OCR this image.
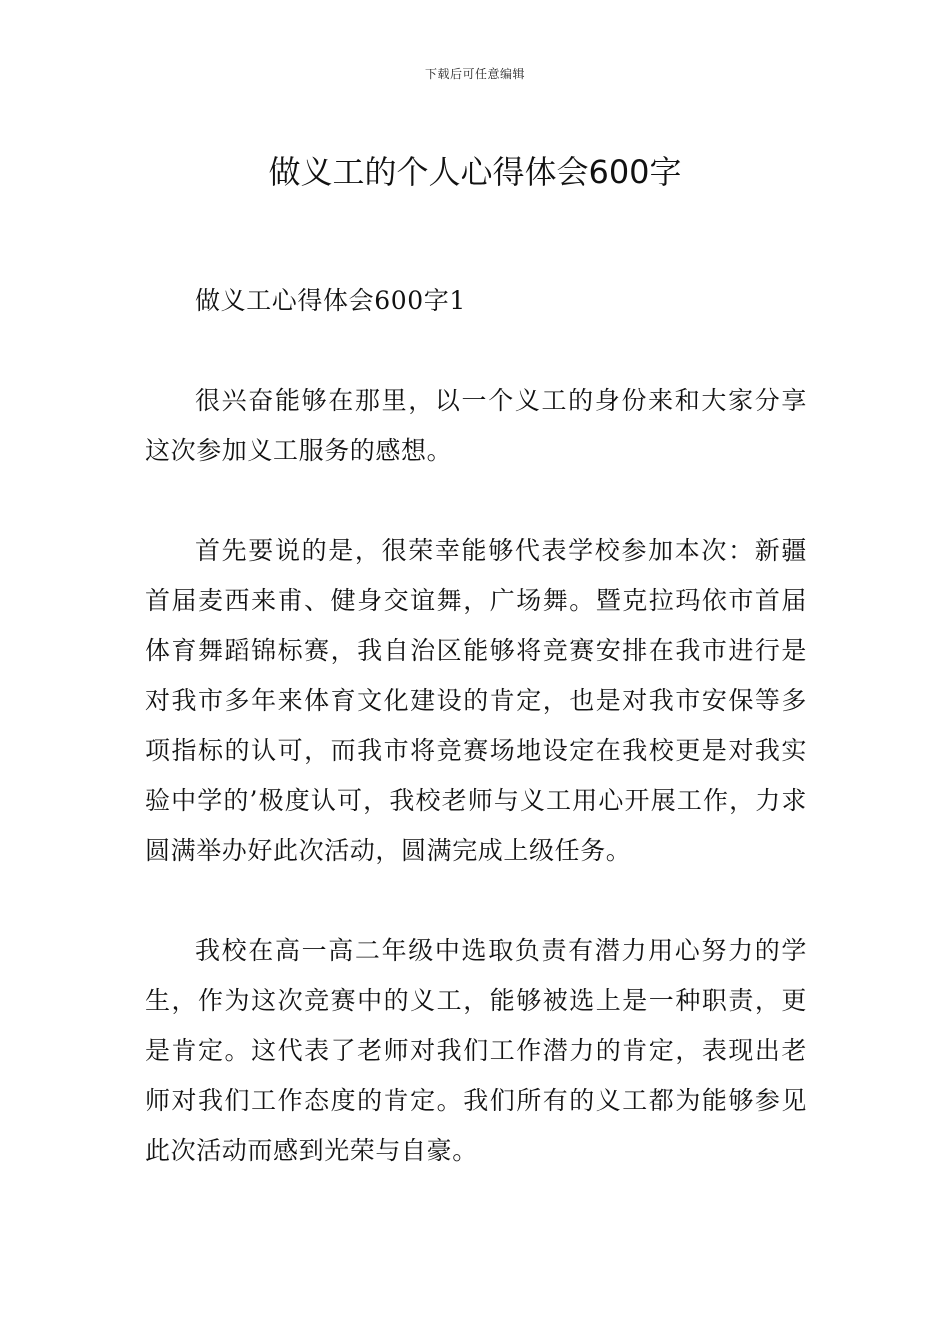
下载后可任意编辑
做义工的个人心得体会600字

做义工心得体会600字1

很兴奋能够在那里，以一个义工的身份来和大家分享这次参加义工服务的感想。

首先要说的是，很荣幸能够代表学校参加本次：新疆首届麦西来甫、健身交谊舞，广场舞。暨克拉玛依市首届体育舞蹈锦标赛，我自治区能够将竞赛安排在我市进行是对我市多年来体育文化建设的肯定，也是对我市安保等多项指标的认可，而我市将竞赛场地设定在我校更是对我实验中学的’极度认可，我校老师与义工用心开展工作，力求圆满举办好此次活动，圆满完成上级任务。

我校在高一高二年级中选取负责有潜力用心努力的学生，作为这次竞赛中的义工，能够被选上是一种职责，更是肯定。这代表了老师对我们工作潜力的肯定，表现出老师对我们工作态度的肯定。我们所有的义工都为能够参见此次活动而感到光荣与自豪。
